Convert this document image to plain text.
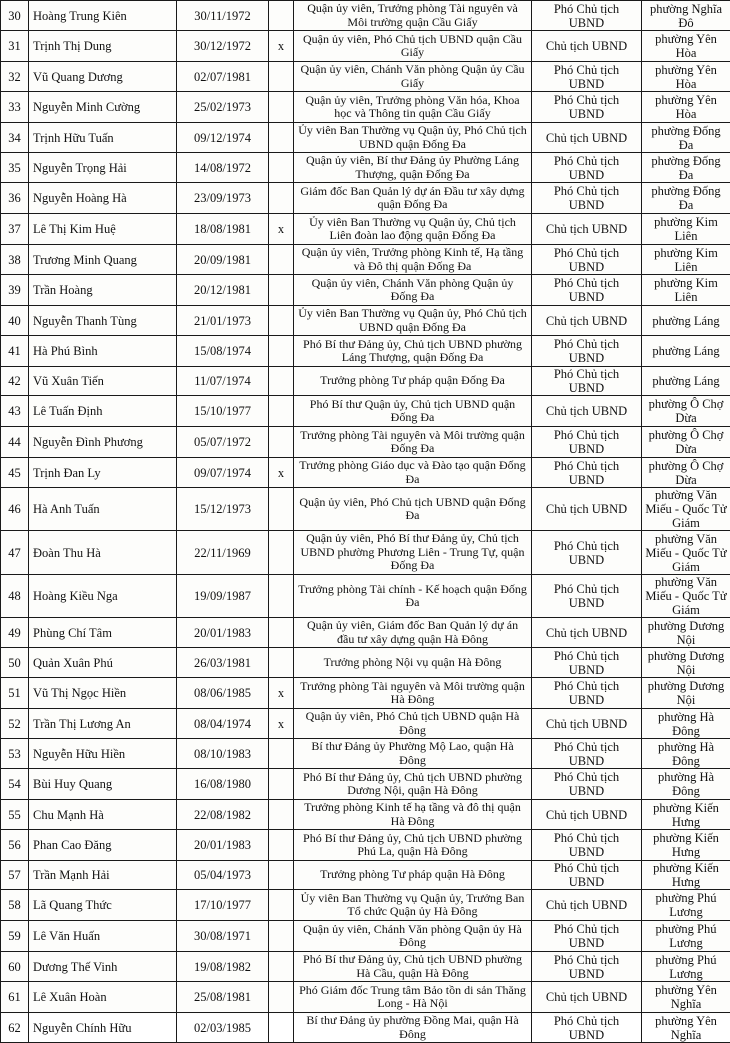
30	Hoàng Trung Kiên	30/11/1972		Quận ủy viên, Trưởng phòng Tài nguyên và Môi trường quận Cầu Giấy	Phó Chủ tịch UBND	phường Nghĩa Đô
31	Trịnh Thị Dung	30/12/1972	x	Quận ủy viên, Phó Chủ tịch UBND quận Cầu Giấy	Chủ tịch UBND	phường Yên Hòa
32	Vũ Quang Dương	02/07/1981		Quận ủy viên, Chánh Văn phòng Quận ủy Cầu Giấy	Phó Chủ tịch UBND	phường Yên Hòa
33	Nguyễn Minh Cường	25/02/1973		Quận ủy viên, Trưởng phòng Văn hóa, Khoa học và Thông tin quận Cầu Giấy	Phó Chủ tịch UBND	phường Yên Hòa
34	Trịnh Hữu Tuấn	09/12/1974		Ủy viên Ban Thường vụ Quận ủy, Phó Chủ tịch UBND quận Đống Đa	Chủ tịch UBND	phường Đống Đa
35	Nguyễn Trọng Hải	14/08/1972		Quận ủy viên, Bí thư Đảng ủy Phường Láng Thượng, quận Đống Đa	Phó Chủ tịch UBND	phường Đống Đa
36	Nguyễn Hoàng Hà	23/09/1973		Giám đốc Ban Quản lý dự án Đầu tư xây dựng quận Đống Đa	Phó Chủ tịch UBND	phường Đống Đa
37	Lê Thị Kim Huệ	18/08/1981	x	Ủy viên Ban Thường vụ Quận ủy, Chủ tịch Liên đoàn lao động quận Đống Đa	Chủ tịch UBND	phường Kim Liên
38	Trương Minh Quang	20/09/1981		Quận ủy viên, Trưởng phòng Kinh tế, Hạ tầng và Đô thị quận Đống Đa	Phó Chủ tịch UBND	phường Kim Liên
39	Trần Hoàng	20/12/1981		Quận ủy viên, Chánh Văn phòng Quận ủy Đống Đa	Phó Chủ tịch UBND	phường Kim Liên
40	Nguyễn Thanh Tùng	21/01/1973		Ủy viên Ban Thường vụ Quận ủy, Phó Chủ tịch UBND quận Đống Đa	Chủ tịch UBND	phường Láng
41	Hà Phú Bình	15/08/1974		Phó Bí thư Đảng ủy, Chủ tịch UBND phường Láng Thượng, quận Đống Đa	Phó Chủ tịch UBND	phường Láng
42	Vũ Xuân Tiến	11/07/1974		Trưởng phòng Tư pháp quận Đống Đa	Phó Chủ tịch UBND	phường Láng
43	Lê Tuấn Định	15/10/1977		Phó Bí thư Quận ủy, Chủ tịch UBND quận Đống Đa	Chủ tịch UBND	phường Ô Chợ Dừa
44	Nguyễn Đình Phương	05/07/1972		Trưởng phòng Tài nguyên và Môi trường quận Đống Đa	Phó Chủ tịch UBND	phường Ô Chợ Dừa
45	Trịnh Đan Ly	09/07/1974	x	Trưởng phòng Giáo dục và Đào tạo quận Đống Đa	Phó Chủ tịch UBND	phường Ô Chợ Dừa
46	Hà Anh Tuấn	15/12/1973		Quận ủy viên, Phó Chủ tịch UBND quận Đống Đa	Chủ tịch UBND	phường Văn Miếu - Quốc Tử Giám
47	Đoàn Thu Hà	22/11/1969		Quận ủy viên, Phó Bí thư Đảng ủy, Chủ tịch UBND phường Phương Liên - Trung Tự, quận Đống Đa	Phó Chủ tịch UBND	phường Văn Miếu - Quốc Tử Giám
48	Hoàng Kiều Nga	19/09/1987		Trưởng phòng Tài chính - Kế hoạch quận Đống Đa	Phó Chủ tịch UBND	phường Văn Miếu - Quốc Tử Giám
49	Phùng Chí Tâm	20/01/1983		Quận ủy viên, Giám đốc Ban Quản lý dự án đầu tư xây dựng quận Hà Đông	Chủ tịch UBND	phường Dương Nội
50	Quản Xuân Phú	26/03/1981		Trưởng phòng Nội vụ quận Hà Đông	Phó Chủ tịch UBND	phường Dương Nội
51	Vũ Thị Ngọc Hiền	08/06/1985	x	Trưởng phòng Tài nguyên và Môi trường quận Hà Đông	Phó Chủ tịch UBND	phường Dương Nội
52	Trần Thị Lương An	08/04/1974	x	Quận ủy viên, Phó Chủ tịch UBND quận Hà Đông	Chủ tịch UBND	phường Hà Đông
53	Nguyễn Hữu Hiền	08/10/1983		Bí thư Đảng ủy Phường Mộ Lao, quận Hà Đông	Phó Chủ tịch UBND	phường Hà Đông
54	Bùi Huy Quang	16/08/1980		Phó Bí thư Đảng ủy, Chủ tịch UBND phường Dương Nội, quận Hà Đông	Phó Chủ tịch UBND	phường Hà Đông
55	Chu Mạnh Hà	22/08/1982		Trưởng phòng Kinh tế hạ tầng và đô thị quận Hà Đông	Chủ tịch UBND	phường Kiến Hưng
56	Phan Cao Đăng	20/01/1983		Phó Bí thư Đảng ủy, Chủ tịch UBND phường Phú La, quận Hà Đông	Phó Chủ tịch UBND	phường Kiến Hưng
57	Trần Mạnh Hải	05/04/1973		Trưởng phòng Tư pháp quận Hà Đông	Phó Chủ tịch UBND	phường Kiến Hưng
58	Lã Quang Thức	17/10/1977		Ủy viên Ban Thường vụ Quận ủy, Trưởng Ban Tổ chức Quận ủy Hà Đông	Chủ tịch UBND	phường Phú Lương
59	Lê Văn Huấn	30/08/1971		Quận ủy viên, Chánh Văn phòng Quận ủy Hà Đông	Phó Chủ tịch UBND	phường Phú Lương
60	Dương Thế Vinh	19/08/1982		Phó Bí thư Đảng ủy, Chủ tịch UBND phường Hà Cầu, quận Hà Đông	Phó Chủ tịch UBND	phường Phú Lương
61	Lê Xuân Hoàn	25/08/1981		Phó Giám đốc Trung tâm Bảo tồn di sản Thăng Long - Hà Nội	Chủ tịch UBND	phường Yên Nghĩa
62	Nguyễn Chính Hữu	02/03/1985		Bí thư Đảng ủy phường Đồng Mai, quận Hà Đông	Phó Chủ tịch UBND	phường Yên Nghĩa
